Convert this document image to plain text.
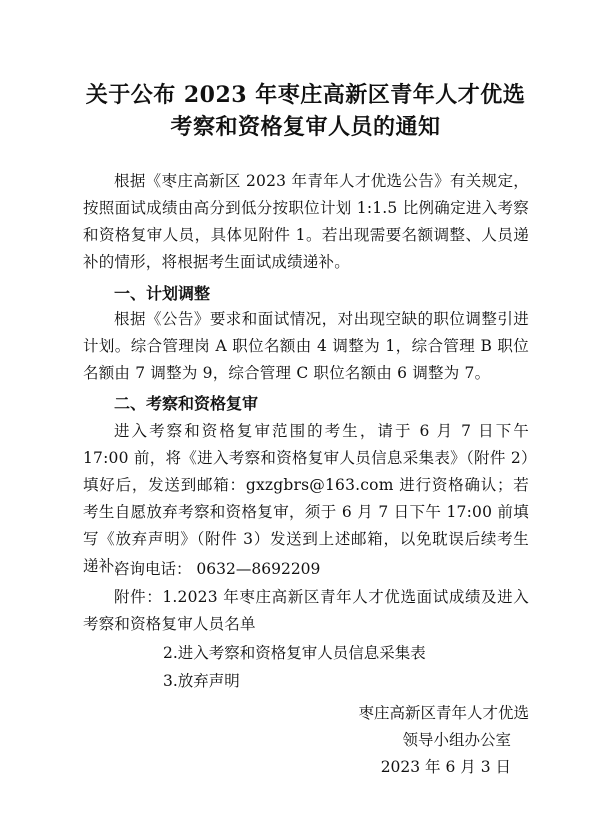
关于公布 2023 年枣庄高新区青年人才优选
考察和资格复审人员的通知
根据《枣庄高新区 2023 年青年人才优选公告》有关规定，按照面试成绩由高分到低分按职位计划 1:1.5 比例确定进入考察和资格复审人员，具体见附件 1。若出现需要名额调整、人员递补的情形，将根据考生面试成绩递补。
一、计划调整
根据《公告》要求和面试情况，对出现空缺的职位调整引进计划。综合管理岗 A 职位名额由 4 调整为 1，综合管理 B 职位名额由 7 调整为 9，综合管理 C 职位名额由 6 调整为 7。
二、考察和资格复审
进入考察和资格复审范围的考生，请于 6 月 7 日下午 17:00 前，将《进入考察和资格复审人员信息采集表》（附件 2）填好后，发送到邮箱：gxzgbrs@163.com 进行资格确认；若考生自愿放弃考察和资格复审，须于 6 月 7 日下午 17:00 前填写《放弃声明》（附件 3）发送到上述邮箱，以免耽误后续考生递补。
咨询电话： 0632—8692209
附件：1.2023 年枣庄高新区青年人才优选面试成绩及进入考察和资格复审人员名单
2.进入考察和资格复审人员信息采集表
3.放弃声明
枣庄高新区青年人才优选
领导小组办公室
2023 年 6 月 3 日
